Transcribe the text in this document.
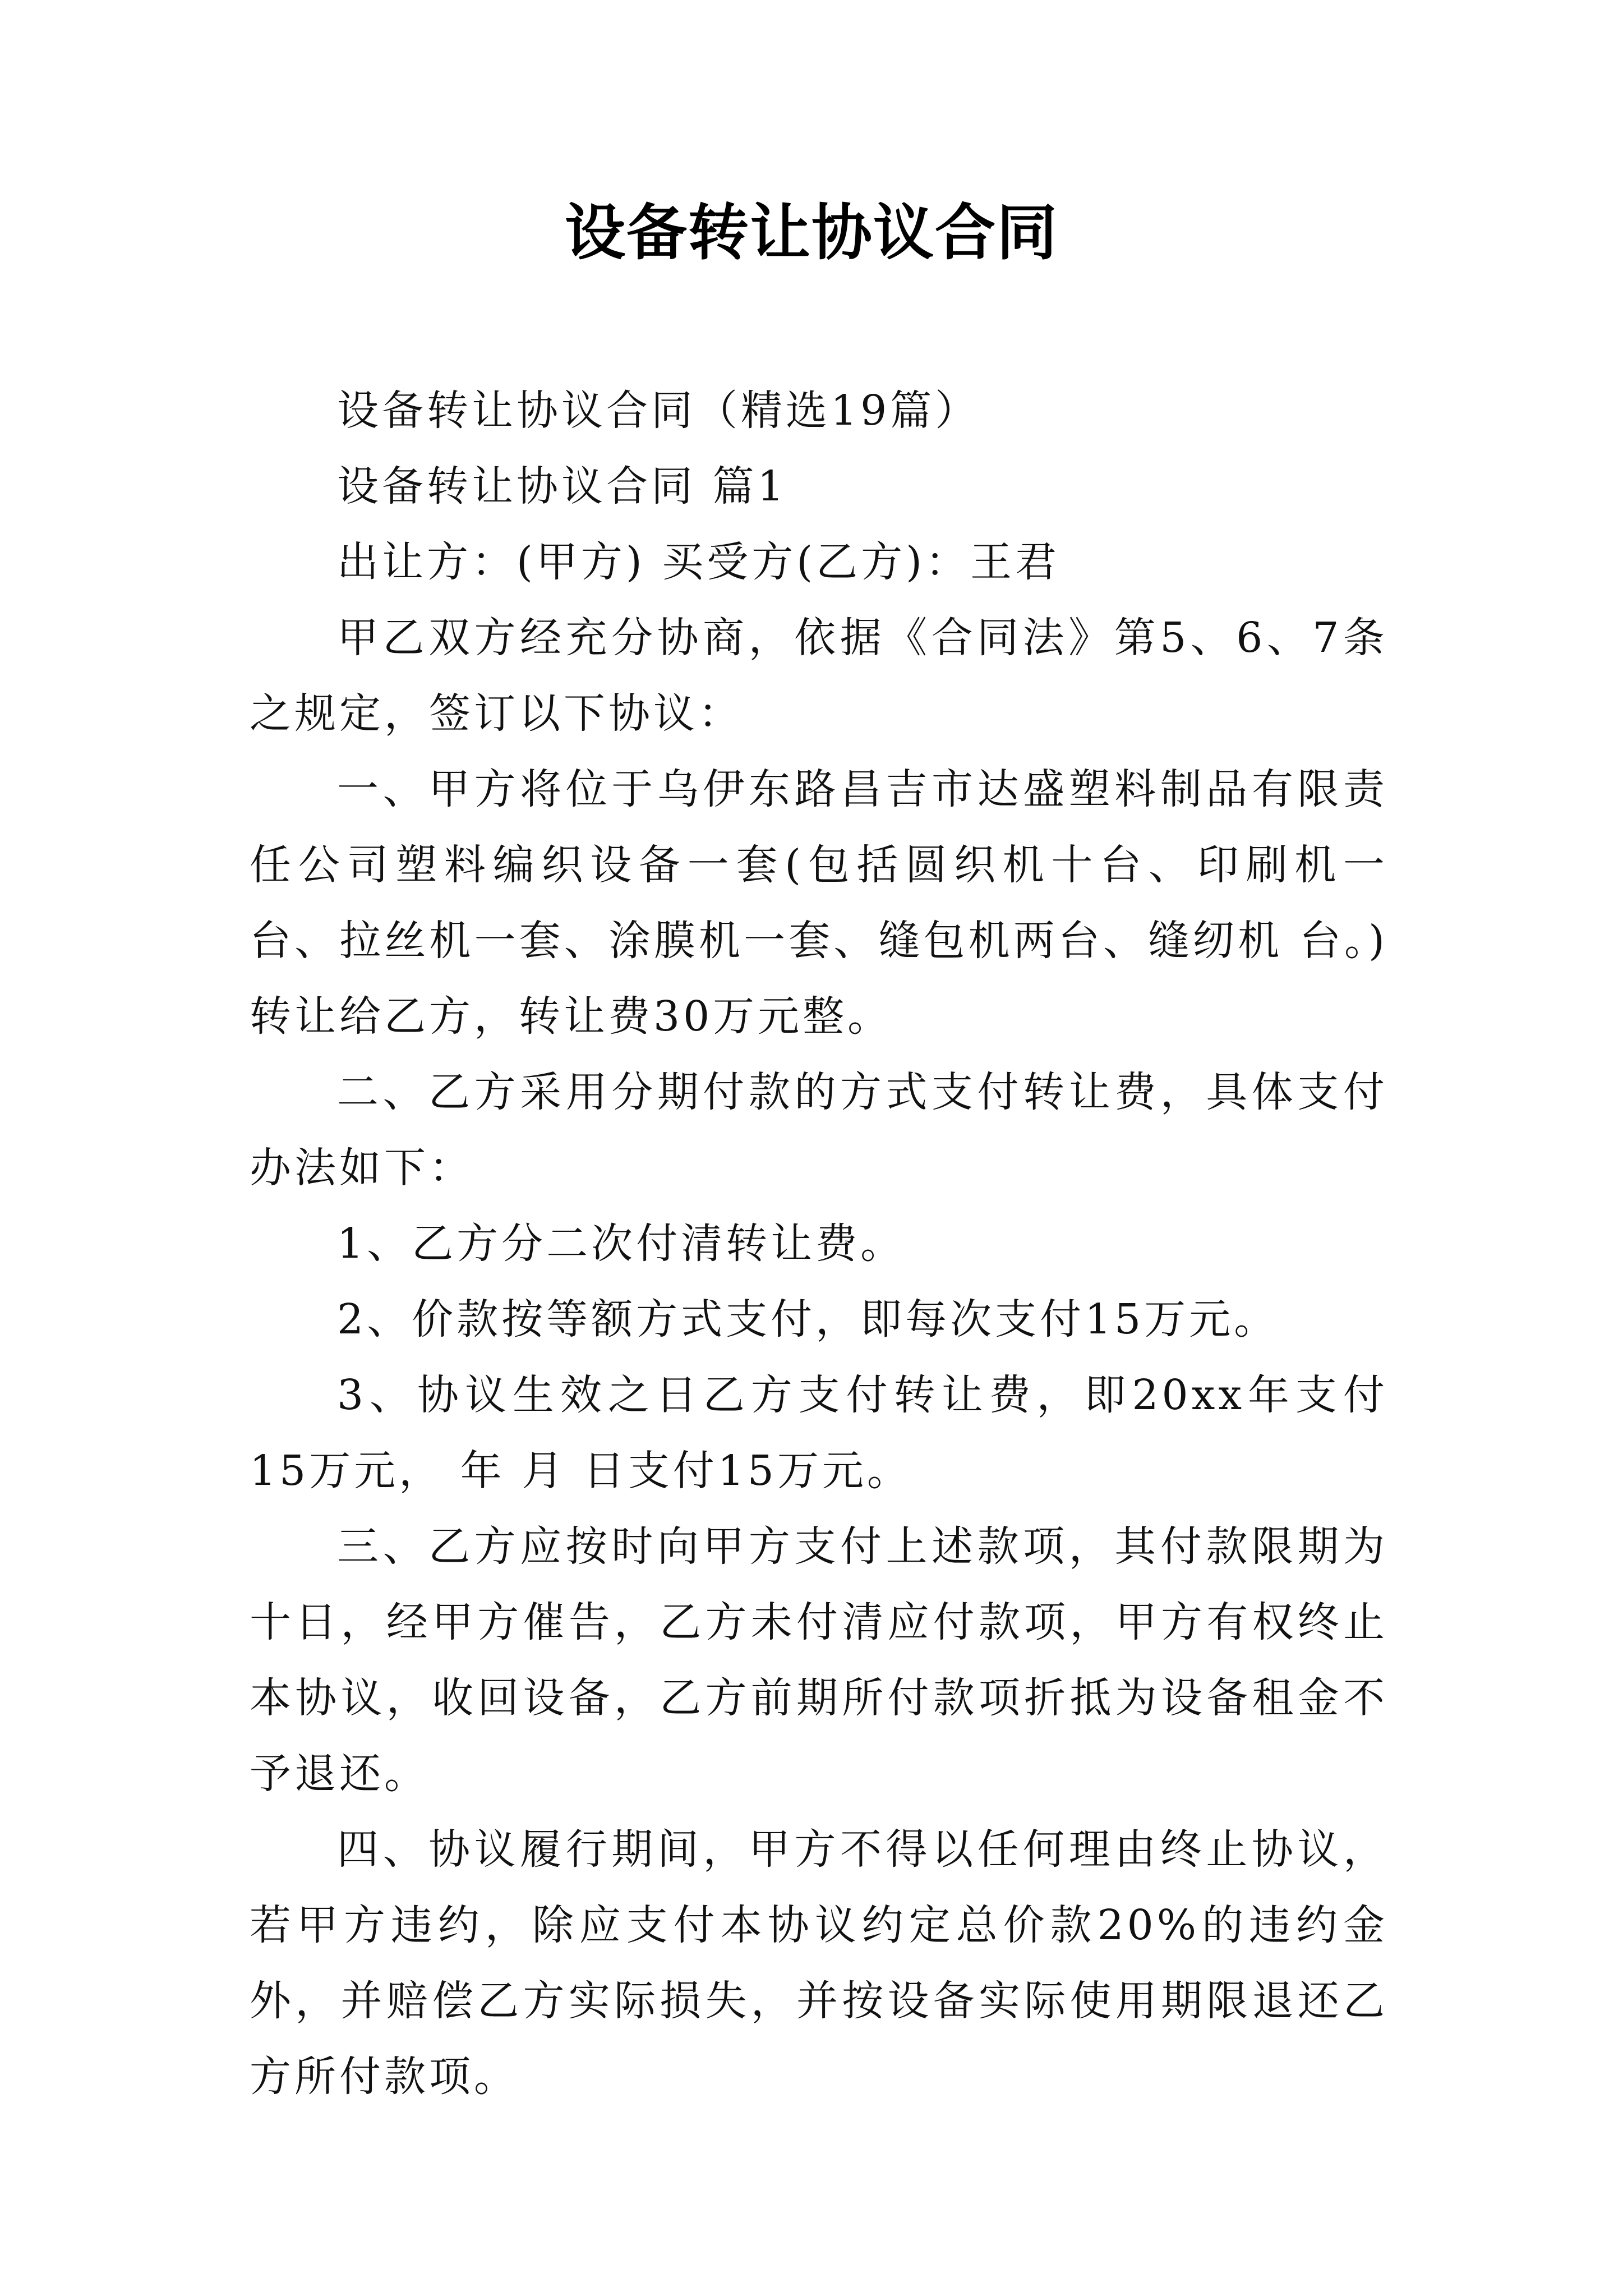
设备转让协议合同

设备转让协议合同（精选19篇）

设备转让协议合同 篇1

出让方：(甲方) 买受方(乙方)：王君

甲乙双方经充分协商，依据《合同法》第5、6、7条之规定，签订以下协议：

一、甲方将位于乌伊东路昌吉市达盛塑料制品有限责任公司塑料编织设备一套(包括圆织机十台、印刷机一台、拉丝机一套、涂膜机一套、缝包机两台、缝纫机 台。)转让给乙方，转让费30万元整。

二、乙方采用分期付款的方式支付转让费，具体支付办法如下：

1、乙方分二次付清转让费。

2、价款按等额方式支付，即每次支付15万元。

3、协议生效之日乙方支付转让费，即20xx年支付15万元， 年 月 日支付15万元。

三、乙方应按时向甲方支付上述款项，其付款限期为十日，经甲方催告，乙方未付清应付款项，甲方有权终止本协议，收回设备，乙方前期所付款项折抵为设备租金不予退还。

四、协议履行期间，甲方不得以任何理由终止协议，若甲方违约，除应支付本协议约定总价款20%的违约金外，并赔偿乙方实际损失，并按设备实际使用期限退还乙方所付款项。
